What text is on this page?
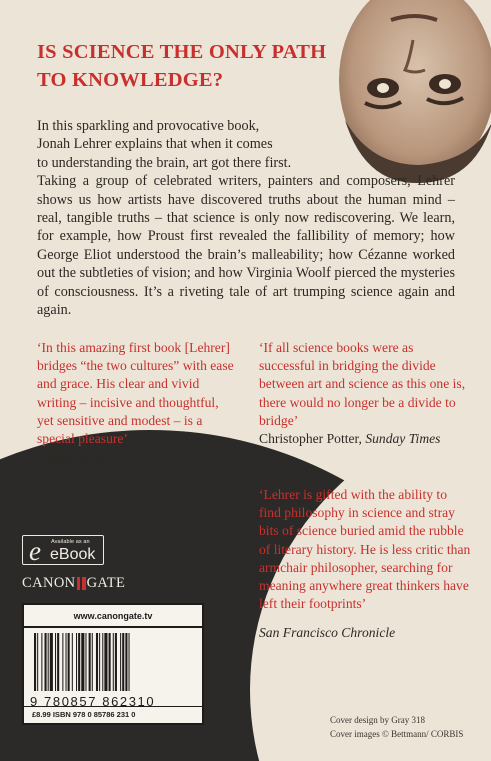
IS SCIENCE THE ONLY PATH TO KNOWLEDGE?
In this sparkling and provocative book,
Jonah Lehrer explains that when it comes
to understanding the brain, art got there first.
Taking a group of celebrated writers, painters and composers, Lehrer shows us how artists have discovered truths about the human mind – real, tangible truths – that science is only now rediscovering. We learn, for example, how Proust first revealed the fallibility of memory; how George Eliot understood the brain’s malleability; how Cézanne worked out the subtleties of vision; and how Virginia Woolf pierced the mysteries of consciousness. It’s a riveting tale of art trumping science again and again.
‘In this amazing first book [Lehrer] bridges “the two cultures” with ease and grace. His clear and vivid writing – incisive and thoughtful, yet sensitive and modest – is a special pleasure’
Oliver Sacks
‘If all science books were as successful in bridging the divide between art and science as this one is, there would no longer be a divide to bridge’
Christopher Potter, Sunday Times
‘Lehrer is gifted with the ability to find philosophy in science and stray bits of science buried amid the rubble of literary history. He is less critic than armchair philosopher, searching for meaning anywhere great thinkers have left their footprints’
San Francisco Chronicle
e Available as an
eBook
CANON GATE
www.canongate.tv
9 780857 862310
£8.99 ISBN 978 0 85786 231 0
Cover design by Gray 318
Cover images © Bettmann/ CORBIS
